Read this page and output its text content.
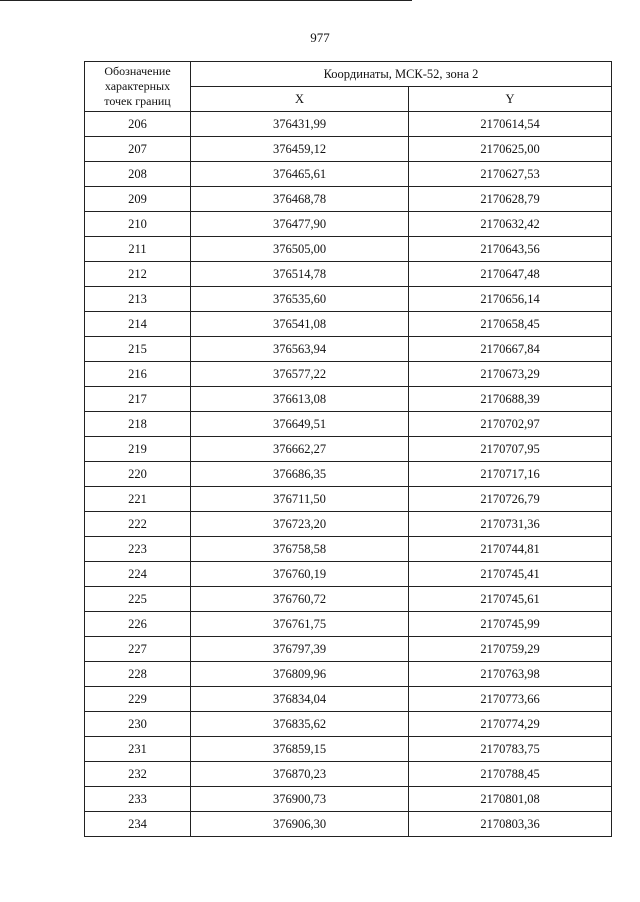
977
Обозначение
характерных
точек границ	Координаты, МСК-52, зона 2	
	X	Y
206	376431,99	2170614,54
207	376459,12	2170625,00
208	376465,61	2170627,53
209	376468,78	2170628,79
210	376477,90	2170632,42
211	376505,00	2170643,56
212	376514,78	2170647,48
213	376535,60	2170656,14
214	376541,08	2170658,45
215	376563,94	2170667,84
216	376577,22	2170673,29
217	376613,08	2170688,39
218	376649,51	2170702,97
219	376662,27	2170707,95
220	376686,35	2170717,16
221	376711,50	2170726,79
222	376723,20	2170731,36
223	376758,58	2170744,81
224	376760,19	2170745,41
225	376760,72	2170745,61
226	376761,75	2170745,99
227	376797,39	2170759,29
228	376809,96	2170763,98
229	376834,04	2170773,66
230	376835,62	2170774,29
231	376859,15	2170783,75
232	376870,23	2170788,45
233	376900,73	2170801,08
234	376906,30	2170803,36
